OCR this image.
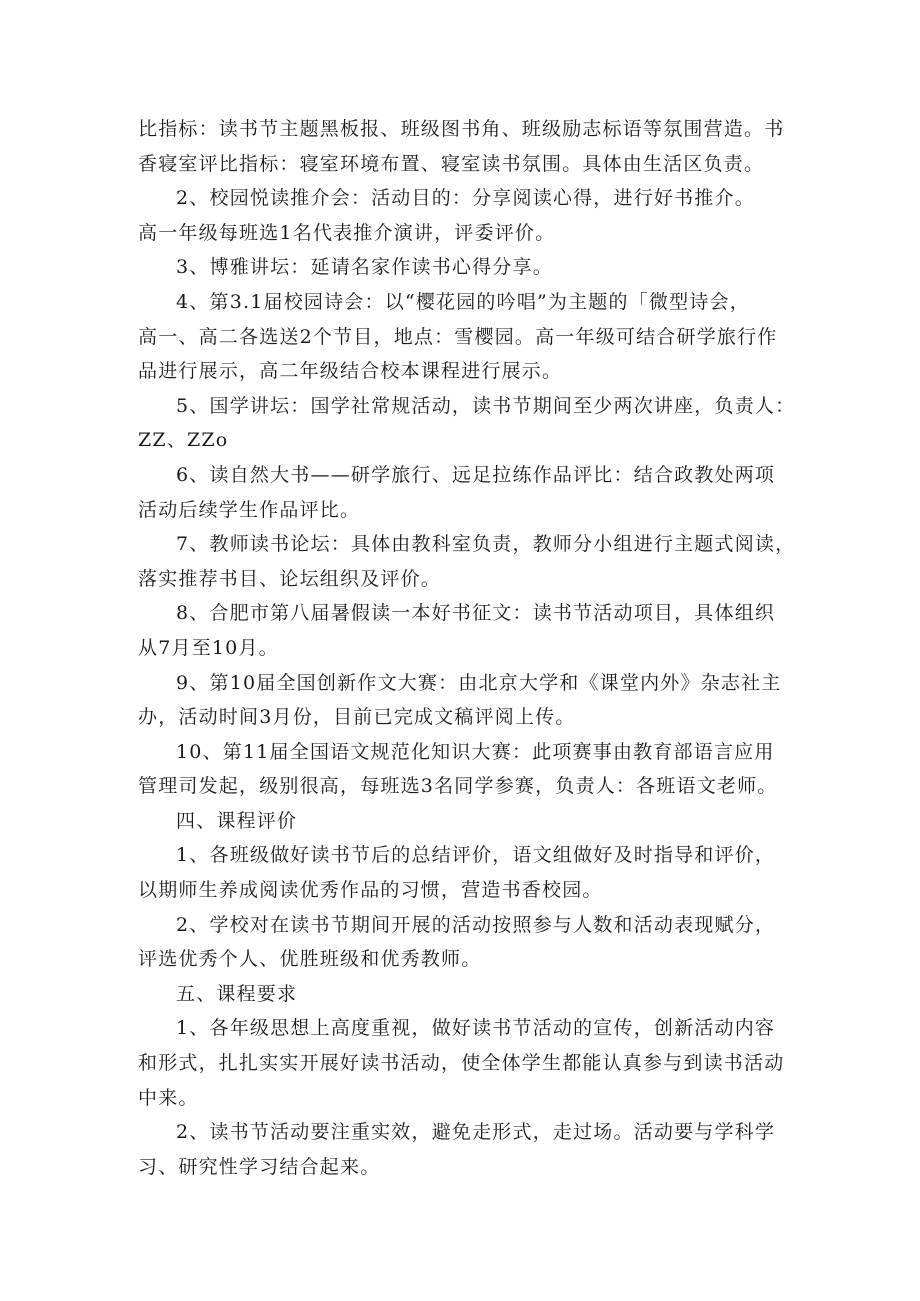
比指标：读书节主题黑板报、班级图书角、班级励志标语等氛围营造。书
香寝室评比指标：寝室环境布置、寝室读书氛围。具体由生活区负责。
2、校园悦读推介会：活动目的：分享阅读心得，进行好书推介。
高一年级每班选1名代表推介演讲，评委评价。
3、博雅讲坛：延请名家作读书心得分享。
4、第3.1届校园诗会：以“樱花园的吟唱”为主题的「微型诗会，
高一、高二各选送2个节目，地点：雪樱园。高一年级可结合研学旅行作
品进行展示，高二年级结合校本课程进行展示。
5、国学讲坛：国学社常规活动，读书节期间至少两次讲座，负责人：
ZZ、ZZo
6、读自然大书——研学旅行、远足拉练作品评比：结合政教处两项
活动后续学生作品评比。
7、教师读书论坛：具体由教科室负责，教师分小组进行主题式阅读，
落实推荐书目、论坛组织及评价。
8、合肥市第八届暑假读一本好书征文：读书节活动项目，具体组织
从7月至10月。
9、第10届全国创新作文大赛：由北京大学和《课堂内外》杂志社主
办，活动时间3月份，目前已完成文稿评阅上传。
10、第11届全国语文规范化知识大赛：此项赛事由教育部语言应用
管理司发起，级别很高，每班选3名同学参赛，负责人：各班语文老师。
四、课程评价
1、各班级做好读书节后的总结评价，语文组做好及时指导和评价，
以期师生养成阅读优秀作品的习惯，营造书香校园。
2、学校对在读书节期间开展的活动按照参与人数和活动表现赋分，
评选优秀个人、优胜班级和优秀教师。
五、课程要求
1、各年级思想上高度重视，做好读书节活动的宣传，创新活动内容
和形式，扎扎实实开展好读书活动，使全体学生都能认真参与到读书活动
中来。
2、读书节活动要注重实效，避免走形式，走过场。活动要与学科学
习、研究性学习结合起来。
